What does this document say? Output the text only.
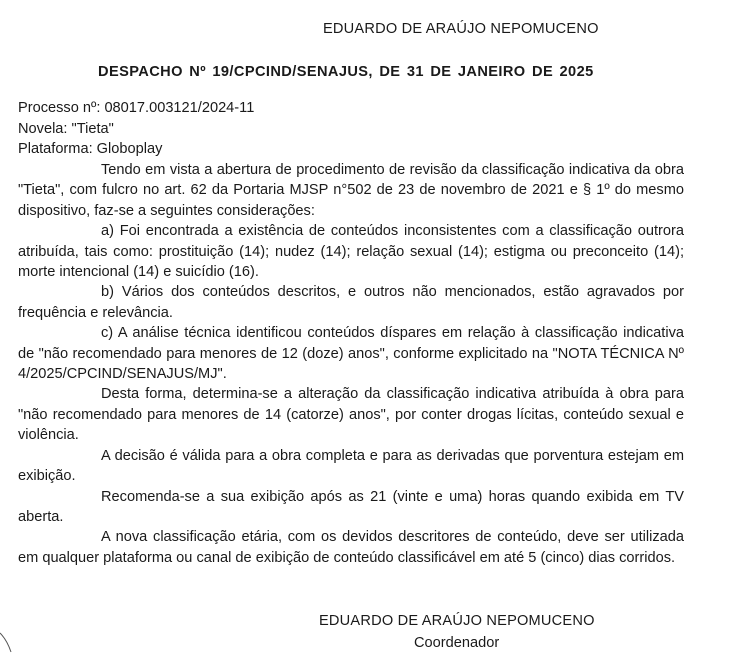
EDUARDO DE ARAÚJO NEPOMUCENO
DESPACHO Nº 19/CPCIND/SENAJUS, DE 31 DE JANEIRO DE 2025
Processo nº: 08017.003121/2024-11
Novela: "Tieta"
Plataforma: Globoplay

Tendo em vista a abertura de procedimento de revisão da classificação indicativa da obra "Tieta", com fulcro no art. 62 da Portaria MJSP n°502 de 23 de novembro de 2021 e § 1º do mesmo dispositivo, faz-se a seguintes considerações:

a) Foi encontrada a existência de conteúdos inconsistentes com a classificação outrora atribuída, tais como: prostituição (14); nudez (14); relação sexual (14); estigma ou preconceito (14); morte intencional (14) e suicídio (16).

b) Vários dos conteúdos descritos, e outros não mencionados, estão agravados por frequência e relevância.

c) A análise técnica identificou conteúdos díspares em relação à classificação indicativa de "não recomendado para menores de 12 (doze) anos", conforme explicitado na "NOTA TÉCNICA Nº 4/2025/CPCIND/SENAJUS/MJ".

Desta forma, determina-se a alteração da classificação indicativa atribuída à obra para "não recomendado para menores de 14 (catorze) anos", por conter drogas lícitas, conteúdo sexual e violência.

A decisão é válida para a obra completa e para as derivadas que porventura estejam em exibição.

Recomenda-se a sua exibição após as 21 (vinte e uma) horas quando exibida em TV aberta.

A nova classificação etária, com os devidos descritores de conteúdo, deve ser utilizada em qualquer plataforma ou canal de exibição de conteúdo classificável em até 5 (cinco) dias corridos.

EDUARDO DE ARAÚJO NEPOMUCENO
Coordenador
